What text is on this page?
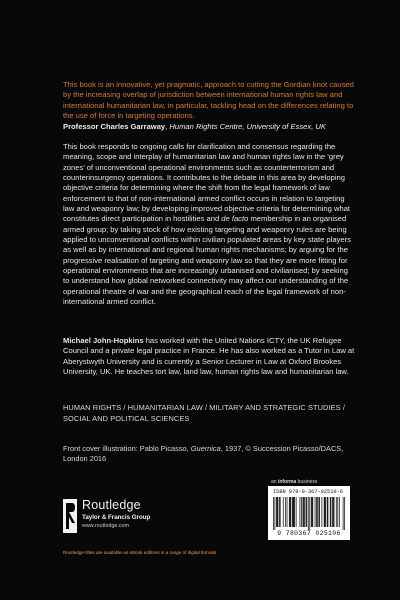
This book is an innovative, yet pragmatic, approach to cutting the Gordian knot caused by the increasing overlap of jurisdiction between international human rights law and international humanitarian law, in particular, tackling head on the differences relating to the use of force in targeting operations.
Professor Charles Garraway, Human Rights Centre, University of Essex, UK
This book responds to ongoing calls for clarification and consensus regarding the meaning, scope and interplay of humanitarian law and human rights law in the ‘grey zones’ of unconventional operational environments such as counterterrorism and counterinsurgency operations. It contributes to the debate in this area by developing objective criteria for determining where the shift from the legal framework of law enforcement to that of non-international armed conflict occurs in relation to targeting law and weaponry law; by developing improved objective criteria for determining what constitutes direct participation in hostilities and de facto membership in an organised armed group; by taking stock of how existing targeting and weaponry rules are being applied to unconventional conflicts within civilian populated areas by key state players as well as by international and regional human rights mechanisms; by arguing for the progressive realisation of targeting and weaponry law so that they are more fitting for operational environments that are increasingly urbanised and civilianised; by seeking to understand how global networked connectivity may affect our understanding of the operational theatre of war and the geographical reach of the legal framework of non-international armed conflict.
Michael John-Hopkins has worked with the United Nations ICTY, the UK Refugee Council and a private legal practice in France. He has also worked as a Tutor in Law at Aberystwyth University and is currently a Senior Lecturer in Law at Oxford Brookes University, UK. He teaches tort law, land law, human rights law and humanitarian law.
HUMAN RIGHTS / HUMANITARIAN LAW / MILITARY AND STRATEGIC STUDIES / SOCIAL AND POLITICAL SCIENCES
Front cover illustration: Pablo Picasso, Guernica, 1937, © Succession Picasso/DACS, London 2016
Routledge
Taylor & Francis Group
www.routledge.com
Routledge titles are available as eBook editions in a range of digital formats
an informa business
ISBN 978-0-367-02510-6
9 780367 025106
